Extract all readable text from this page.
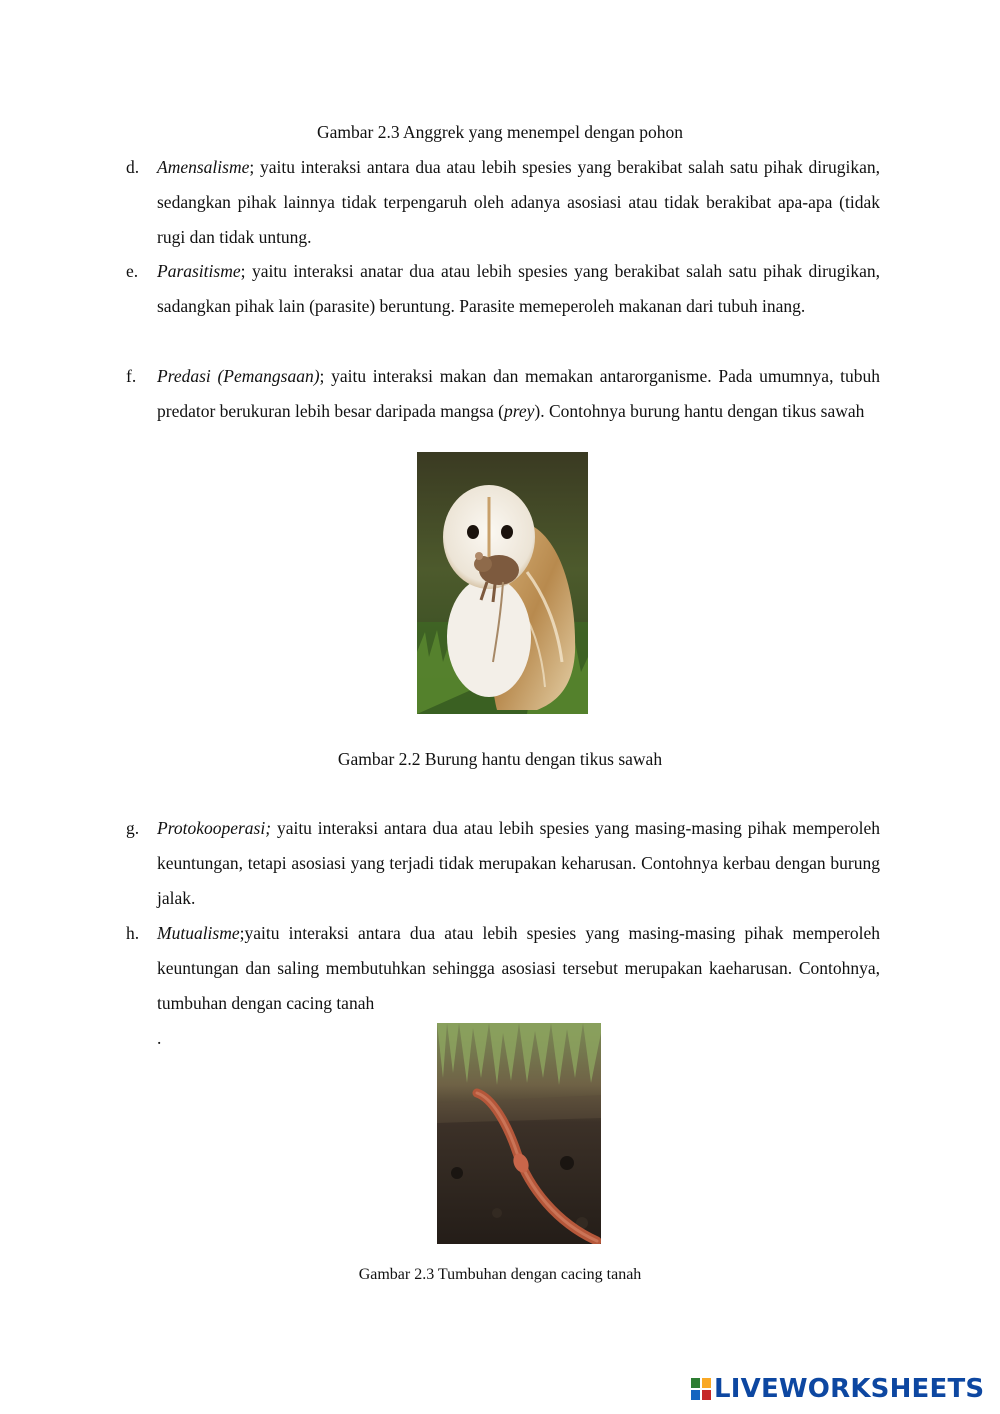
Gambar 2.3 Anggrek yang menempel dengan pohon
d. Amensalisme; yaitu interaksi antara dua atau lebih spesies yang berakibat salah satu pihak dirugikan, sedangkan pihak lainnya tidak terpengaruh oleh adanya asosiasi atau tidak berakibat apa-apa (tidak rugi dan tidak untung.
e. Parasitisme; yaitu interaksi anatar dua atau lebih spesies yang berakibat salah satu pihak dirugikan, sadangkan pihak lain (parasite) beruntung. Parasite memeperoleh makanan dari tubuh inang.
f. Predasi (Pemangsaan); yaitu interaksi makan dan memakan antarorganisme. Pada umumnya, tubuh predator berukuran lebih besar daripada mangsa (prey). Contohnya burung hantu dengan tikus sawah
Gambar 2.2 Burung hantu dengan tikus sawah
g. Protokooperasi; yaitu interaksi antara dua atau lebih spesies yang masing-masing pihak memperoleh keuntungan, tetapi asosiasi yang terjadi tidak merupakan keharusan. Contohnya kerbau dengan burung jalak.
h. Mutualisme;yaitu interaksi antara dua atau lebih spesies yang masing-masing pihak memperoleh keuntungan dan saling membutuhkan sehingga asosiasi tersebut merupakan kaeharusan. Contohnya, tumbuhan dengan cacing tanah
.
Gambar 2.3 Tumbuhan dengan cacing tanah
LIVEWORKSHEETS
